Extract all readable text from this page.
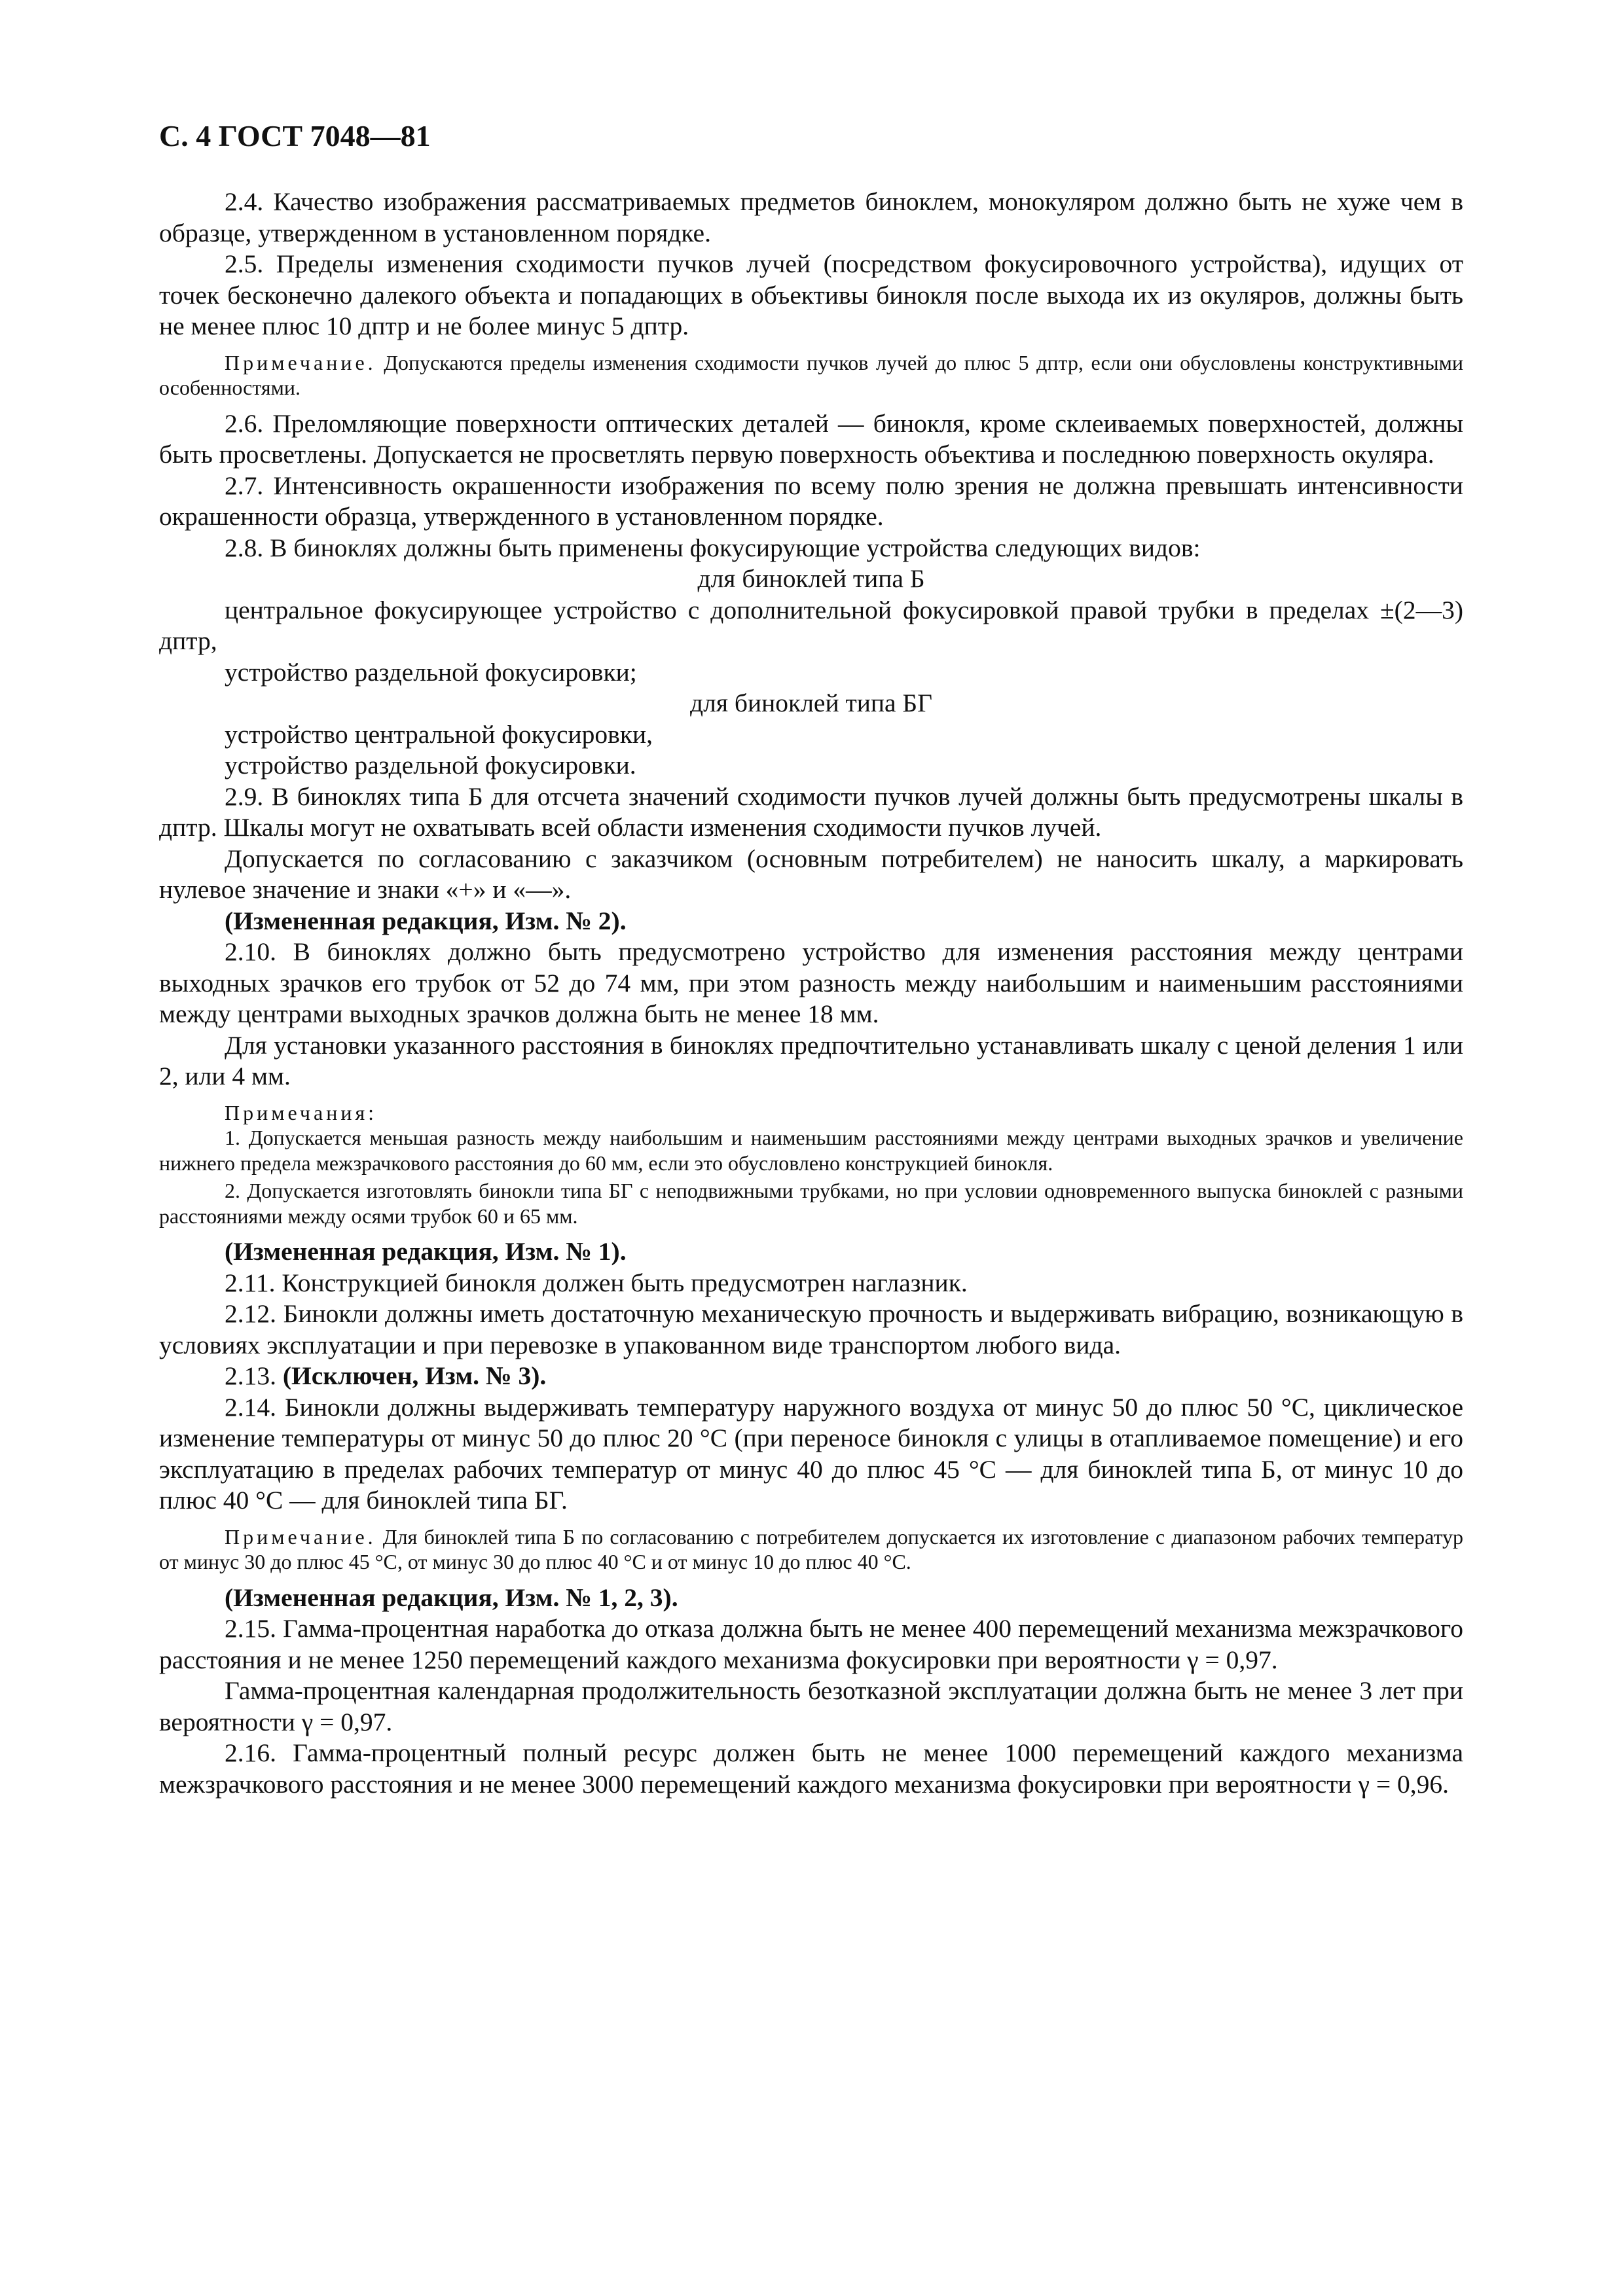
С. 4 ГОСТ 7048—81

2.4. Качество изображения рассматриваемых предметов биноклем, монокуляром должно быть не хуже чем в образце, утвержденном в установленном порядке.

2.5. Пределы изменения сходимости пучков лучей (посредством фокусировочного устройства), идущих от точек бесконечно далекого объекта и попадающих в объективы бинокля после выхода их из окуляров, должны быть не менее плюс 10 дптр и не более минус 5 дптр.

Примечание. Допускаются пределы изменения сходимости пучков лучей до плюс 5 дптр, если они обусловлены конструктивными особенностями.

2.6. Преломляющие поверхности оптических деталей — бинокля, кроме склеиваемых поверхностей, должны быть просветлены. Допускается не просветлять первую поверхность объектива и последнюю поверхность окуляра.

2.7. Интенсивность окрашенности изображения по всему полю зрения не должна превышать интенсивности окрашенности образца, утвержденного в установленном порядке.

2.8. В биноклях должны быть применены фокусирующие устройства следующих видов:

для биноклей типа Б

центральное фокусирующее устройство с дополнительной фокусировкой правой трубки в пределах ±(2—3) дптр,

устройство раздельной фокусировки;

для биноклей типа БГ

устройство центральной фокусировки,

устройство раздельной фокусировки.

2.9. В биноклях типа Б для отсчета значений сходимости пучков лучей должны быть предусмотрены шкалы в дптр. Шкалы могут не охватывать всей области изменения сходимости пучков лучей.

Допускается по согласованию с заказчиком (основным потребителем) не наносить шкалу, а маркировать нулевое значение и знаки «+» и «—».

(Измененная редакция, Изм. № 2).

2.10. В биноклях должно быть предусмотрено устройство для изменения расстояния между центрами выходных зрачков его трубок от 52 до 74 мм, при этом разность между наибольшим и наименьшим расстояниями между центрами выходных зрачков должна быть не менее 18 мм.

Для установки указанного расстояния в биноклях предпочтительно устанавливать шкалу с ценой деления 1 или 2, или 4 мм.

Примечания:

1. Допускается меньшая разность между наибольшим и наименьшим расстояниями между центрами выходных зрачков и увеличение нижнего предела межзрачкового расстояния до 60 мм, если это обусловлено конструкцией бинокля.

2. Допускается изготовлять бинокли типа БГ с неподвижными трубками, но при условии одновременного выпуска биноклей с разными расстояниями между осями трубок 60 и 65 мм.

(Измененная редакция, Изм. № 1).

2.11. Конструкцией бинокля должен быть предусмотрен наглазник.

2.12. Бинокли должны иметь достаточную механическую прочность и выдерживать вибрацию, возникающую в условиях эксплуатации и при перевозке в упакованном виде транспортом любого вида.

2.13. (Исключен, Изм. № 3).

2.14. Бинокли должны выдерживать температуру наружного воздуха от минус 50 до плюс 50 °С, циклическое изменение температуры от минус 50 до плюс 20 °С (при переносе бинокля с улицы в отапливаемое помещение) и его эксплуатацию в пределах рабочих температур от минус 40 до плюс 45 °С — для биноклей типа Б, от минус 10 до плюс 40 °С — для биноклей типа БГ.

Примечание. Для биноклей типа Б по согласованию с потребителем допускается их изготовление с диапазоном рабочих температур от минус 30 до плюс 45 °С, от минус 30 до плюс 40 °С и от минус 10 до плюс 40 °С.

(Измененная редакция, Изм. № 1, 2, 3).

2.15. Гамма-процентная наработка до отказа должна быть не менее 400 перемещений механизма межзрачкового расстояния и не менее 1250 перемещений каждого механизма фокусировки при вероятности γ = 0,97.

Гамма-процентная календарная продолжительность безотказной эксплуатации должна быть не менее 3 лет при вероятности γ = 0,97.

2.16. Гамма-процентный полный ресурс должен быть не менее 1000 перемещений каждого механизма межзрачкового расстояния и не менее 3000 перемещений каждого механизма фокусировки при вероятности γ = 0,96.
